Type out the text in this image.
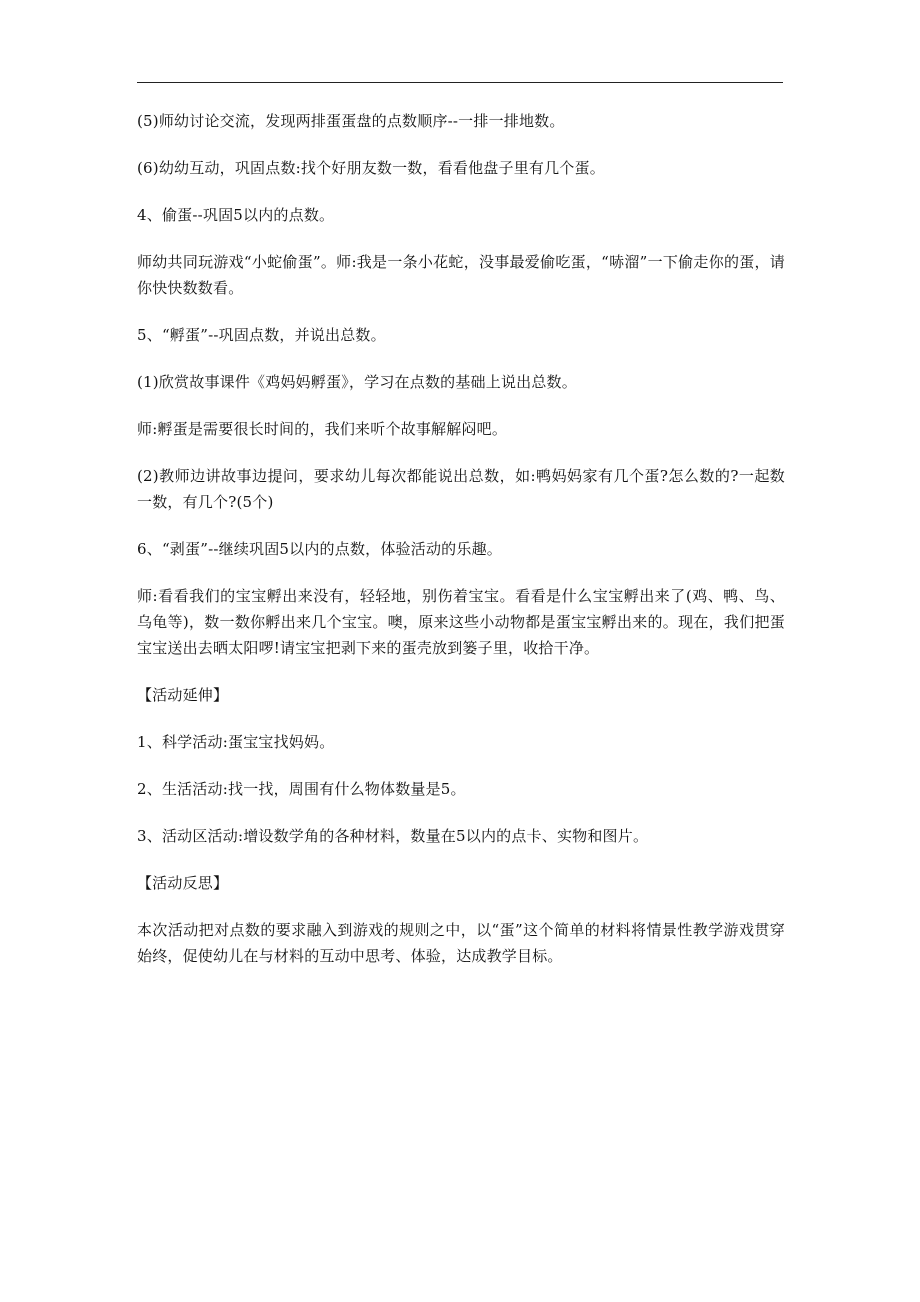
(5)师幼讨论交流，发现两排蛋蛋盘的点数顺序--一排一排地数。

(6)幼幼互动，巩固点数:找个好朋友数一数，看看他盘子里有几个蛋。

4、偷蛋--巩固5以内的点数。

师幼共同玩游戏“小蛇偷蛋”。师:我是一条小花蛇，没事最爱偷吃蛋，“哧溜”一下偷走你的蛋，请你快快数数看。

5、“孵蛋”--巩固点数，并说出总数。

(1)欣赏故事课件《鸡妈妈孵蛋》，学习在点数的基础上说出总数。

师:孵蛋是需要很长时间的，我们来听个故事解解闷吧。

(2)教师边讲故事边提问，要求幼儿每次都能说出总数，如:鸭妈妈家有几个蛋?怎么数的?一起数一数，有几个?(5个)

6、“剥蛋”--继续巩固5以内的点数，体验活动的乐趣。

师:看看我们的宝宝孵出来没有，轻轻地，别伤着宝宝。看看是什么宝宝孵出来了(鸡、鸭、鸟、乌龟等)，数一数你孵出来几个宝宝。噢，原来这些小动物都是蛋宝宝孵出来的。现在，我们把蛋宝宝送出去晒太阳啰!请宝宝把剥下来的蛋壳放到篓子里，收拾干净。

【活动延伸】

1、科学活动:蛋宝宝找妈妈。

2、生活活动:找一找，周围有什么物体数量是5。

3、活动区活动:增设数学角的各种材料，数量在5以内的点卡、实物和图片。

【活动反思】

本次活动把对点数的要求融入到游戏的规则之中，以“蛋”这个简单的材料将情景性教学游戏贯穿始终，促使幼儿在与材料的互动中思考、体验，达成教学目标。
